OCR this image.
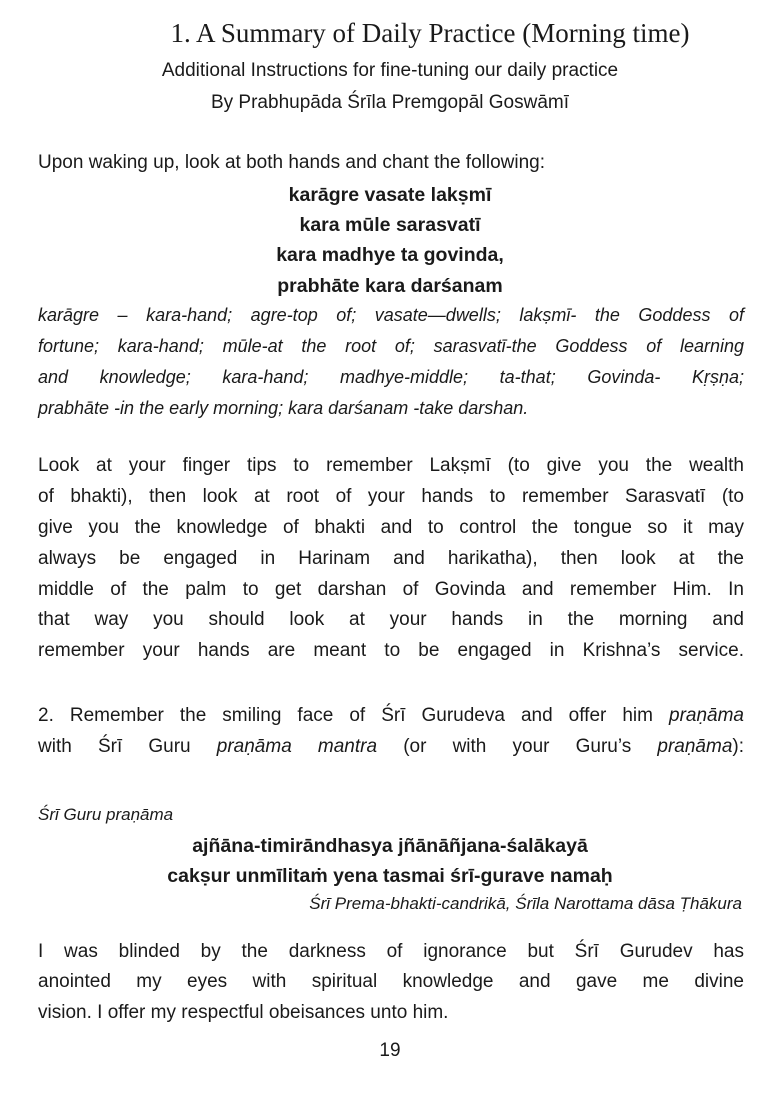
1. A Summary of Daily Practice (Morning time)
Additional Instructions for fine-tuning our daily practice
By Prabhupāda Śrīla Premgopāl Goswāmī
Upon waking up, look at both hands and chant the following:
karāgre vasate lakṣmī
kara mūle sarasvatī
kara madhye ta govinda,
prabhāte kara darśanam
karāgre – kara-hand; agre-top of; vasate—dwells; lakṣmī- the Goddess of
fortune; kara-hand; mūle-at the root of; sarasvatī-the Goddess of learning
and knowledge; kara-hand; madhye-middle; ta-that; Govinda- Kṛṣṇa;
prabhāte -in the early morning; kara darśanam -take darshan.
Look at your finger tips to remember Lakṣmī (to give you the wealth
of bhakti), then look at root of your hands to remember Sarasvatī (to
give you the knowledge of bhakti and to control the tongue so it may
always be engaged in Harinam and harikatha), then look at the
middle of the palm to get darshan of Govinda and remember Him. In
that way you should look at your hands in the morning and
remember your hands are meant to be engaged in Krishna’s service.
2. Remember the smiling face of Śrī Gurudeva and offer him praṇāma
with Śrī Guru praṇāma mantra (or with your Guru’s praṇāma):
Śrī Guru praṇāma
ajñāna-timirāndhasya jñānāñjana-śalākayā
cakṣur unmīlitaṁ yena tasmai śrī-gurave namaḥ
Śrī Prema-bhakti-candrikā, Śrīla Narottama dāsa Ṭhākura
I was blinded by the darkness of ignorance but Śrī Gurudev has
anointed my eyes with spiritual knowledge and gave me divine
vision. I offer my respectful obeisances unto him.
19
